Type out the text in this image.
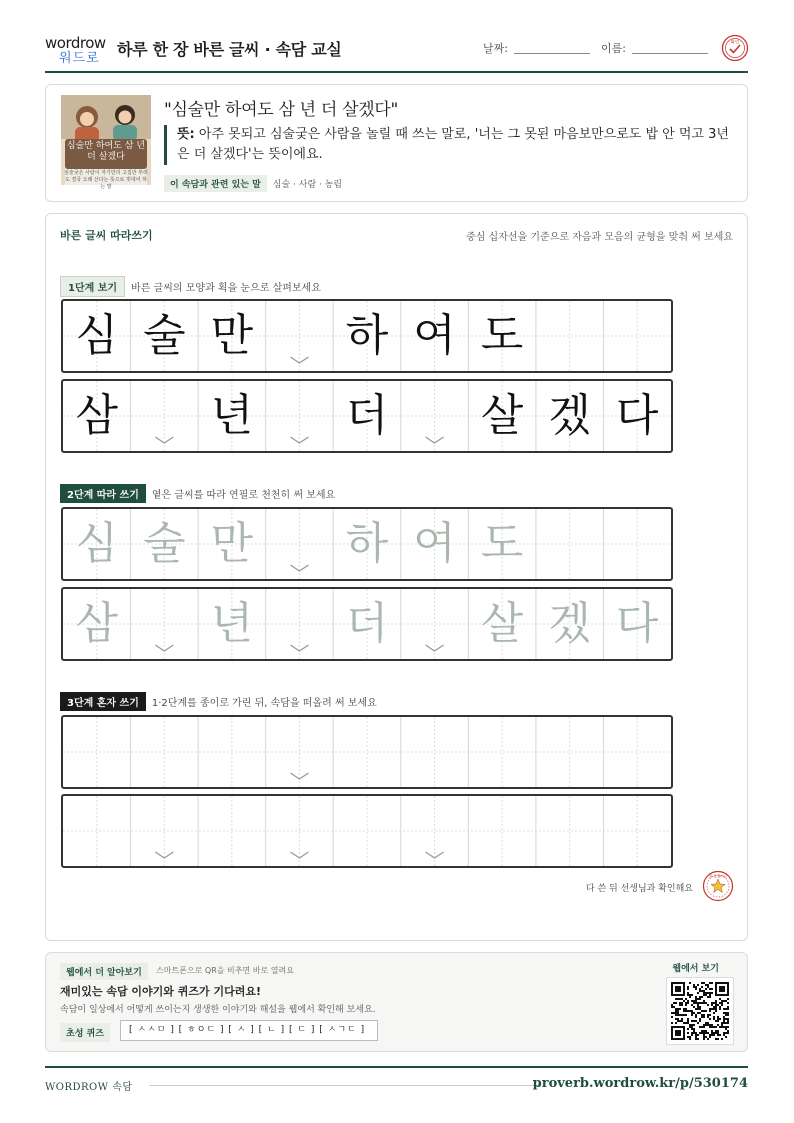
wordrow
워드로 하루 한 장 바른 글씨 · 속담 교실	날짜:	이름:	확인
심술만 하여도 삼 년 더 살겠다
심술궂은 사람이 자기만의 고집만 부려도 결국 오래 산다는 뜻으로 빗대어 하는 말
"심술만 하여도 삼 년 더 살겠다"
뜻: 아주 못되고 심술궂은 사람을 놀릴 때 쓰는 말로, '너는 그 못된 마음보만으로도 밥 안 먹고 3년은 더 살겠다'는 뜻이에요.
이 속담과 관련 있는 말 심술 · 사람 · 농림
바른 글씨 따라쓰기	중심 십자선을 기준으로 자음과 모음의 균형을 맞춰 써 보세요
1단계 보기 바른 글씨의 모양과 획을 눈으로 살펴보세요
심 술 만 하 여 도
삼 년 더 살 겠 다
2단계 따라 쓰기 옅은 글씨를 따라 연필로 천천히 써 보세요
심 술 만 하 여 도
삼 년 더 살 겠 다
3단계 혼자 쓰기 1·2단계를 종이로 가린 뒤, 속담을 떠올려 써 보세요
다 쓴 뒤 선생님과 확인해요
참 잘했어요
웹에서 더 알아보기	스마트폰으로 QR을 비추면 바로 열려요
재미있는 속담 이야기와 퀴즈가 기다려요!
속담이 일상에서 어떻게 쓰이는지 생생한 이야기와 해설을 웹에서 확인해 보세요.
초성 퀴즈	[ ㅅㅅㅁ ] [ ㅎㅇㄷ ] [ ㅅ ] [ ㄴ ] [ ㄷ ] [ ㅅㄱㄷ ]
웹에서 보기
WORDROW 속담	proverb.wordrow.kr/p/530174
